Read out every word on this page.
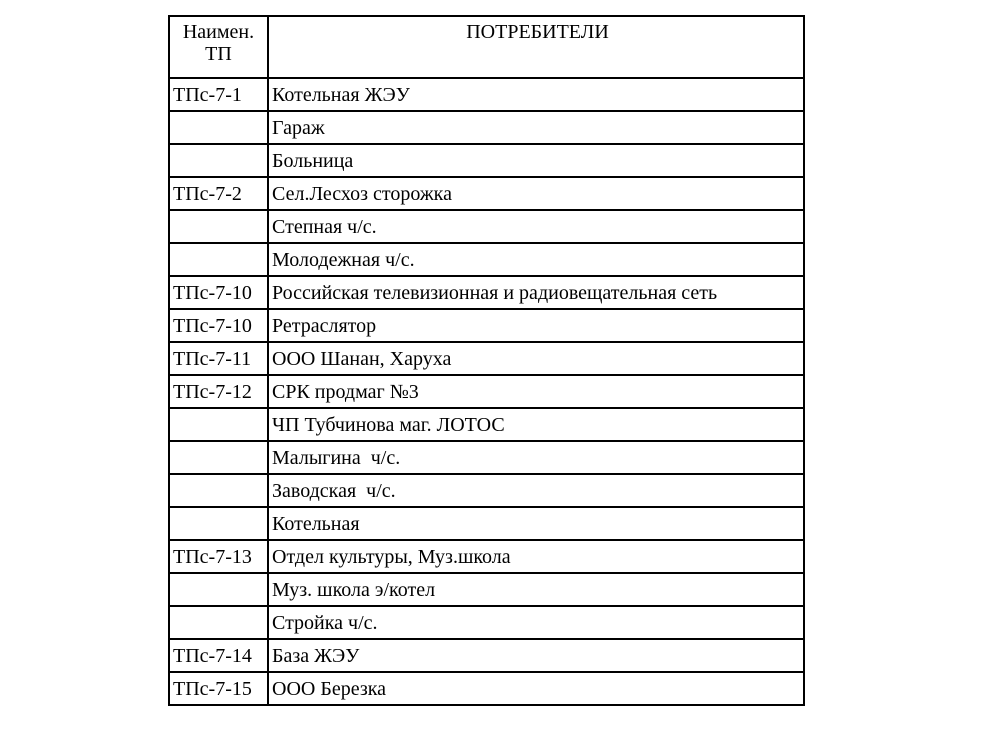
Наимен.
ТП	ПОТРЕБИТЕЛИ
ТПс-7-1	Котельная ЖЭУ
	Гараж
	Больница
ТПс-7-2	Сел.Лесхоз сторожка
	Степная ч/с.
	Молодежная ч/с.
ТПс-7-10	Российская телевизионная и радиовещательная сеть
ТПс-7-10	Ретраслятор
ТПс-7-11	ООО Шанан, Харуха
ТПс-7-12	СРК продмаг №3
	ЧП Тубчинова маг. ЛОТОС
	Малыгина  ч/с.
	Заводская  ч/с.
	Котельная
ТПс-7-13	Отдел культуры, Муз.школа
	Муз. школа э/котел
	Стройка ч/с.
ТПс-7-14	База ЖЭУ
ТПс-7-15	ООО Березка
